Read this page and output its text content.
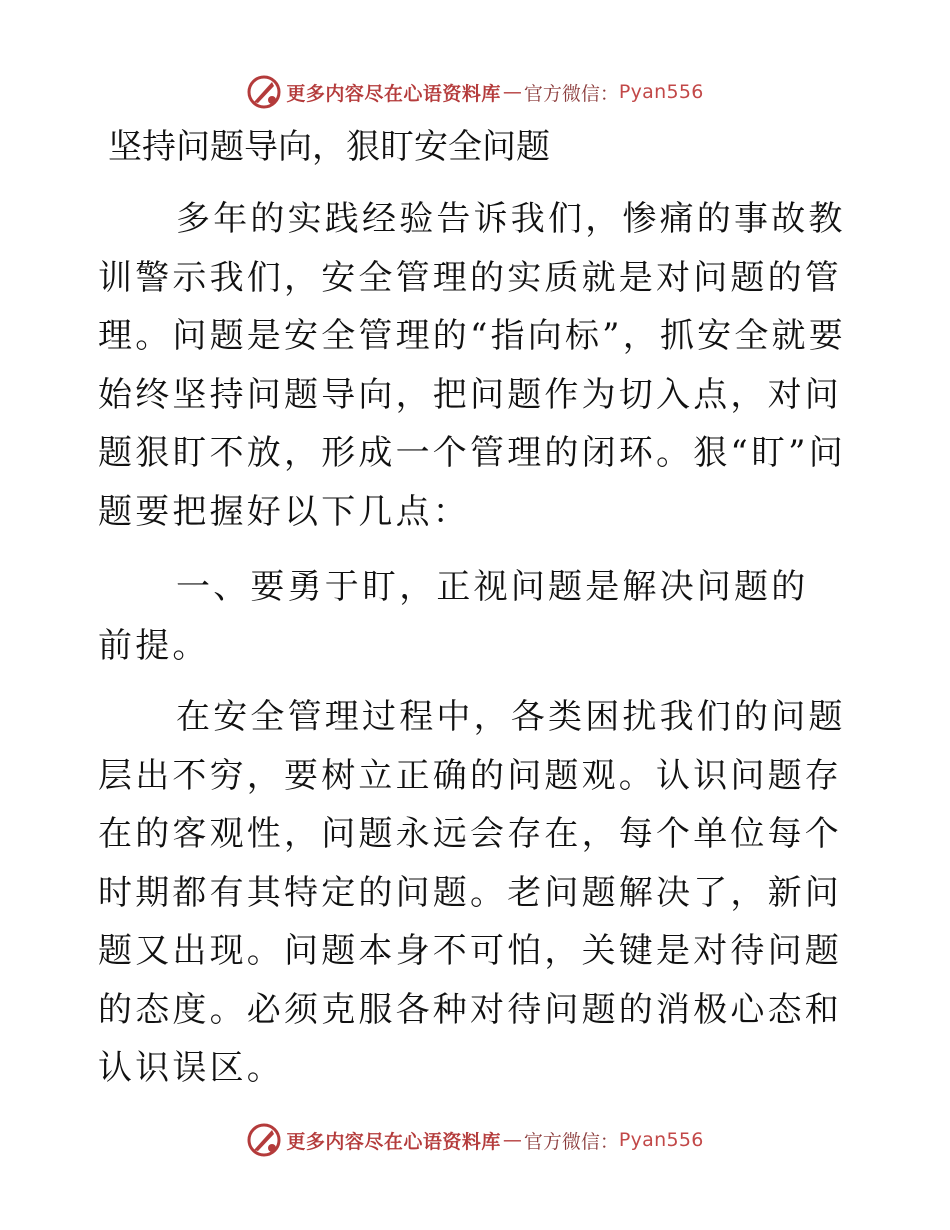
更多内容尽在心语资料库 — 官方微信： Pyan556
坚持问题导向，狠盯安全问题

多年的实践经验告诉我们，惨痛的事故教训警示我们，安全管理的实质就是对问题的管理。问题是安全管理的“指向标”，抓安全就要始终坚持问题导向，把问题作为切入点，对问题狠盯不放，形成一个管理的闭环。狠“盯”问题要把握好以下几点：

一、要勇于盯，正视问题是解决问题的前提。

在安全管理过程中，各类困扰我们的问题层出不穷，要树立正确的问题观。认识问题存在的客观性，问题永远会存在，每个单位每个时期都有其特定的问题。老问题解决了，新问题又出现。问题本身不可怕，关键是对待问题的态度。必须克服各种对待问题的消极心态和认识误区。

更多内容尽在心语资料库 — 官方微信： Pyan556
